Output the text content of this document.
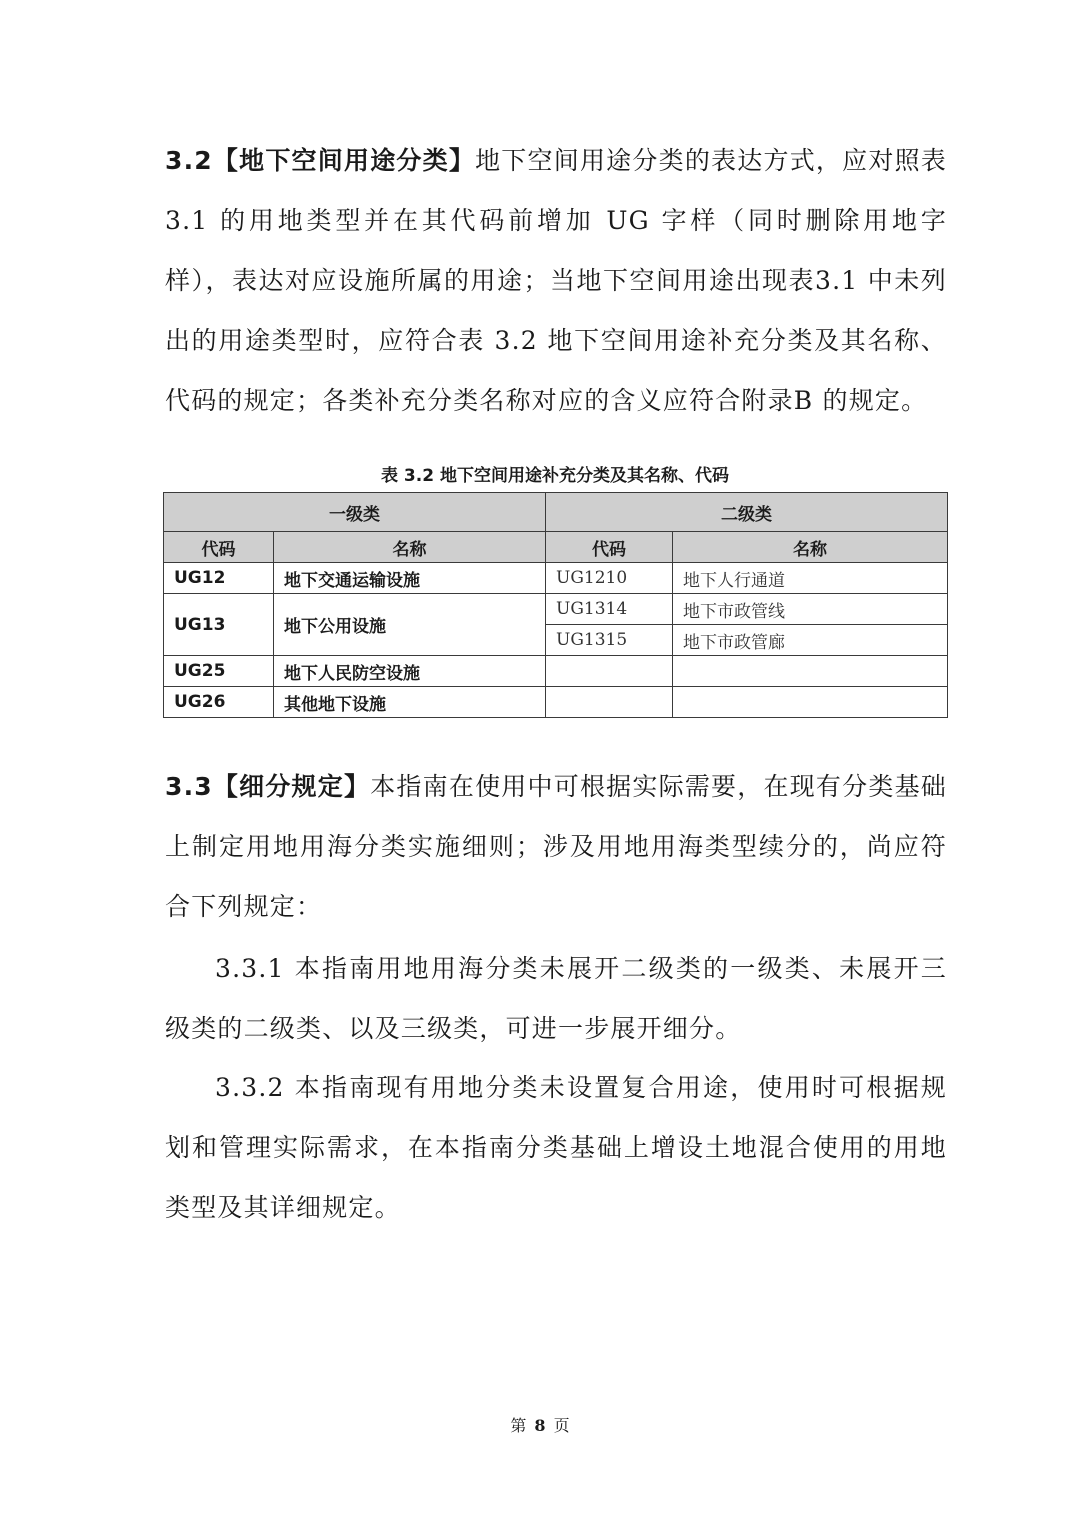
3.2【地下空间用途分类】地下空间用途分类的表达方式，应对照表 3.1 的用地类型并在其代码前增加 UG 字样（同时删除用地字样），表达对应设施所属的用途；当地下空间用途出现表3.1 中未列出的用途类型时，应符合表 3.2 地下空间用途补充分类及其名称、代码的规定；各类补充分类名称对应的含义应符合附录B 的规定。

表 3.2 地下空间用途补充分类及其名称、代码

一级类		二级类	
代码	名称	代码	名称
UG12	地下交通运输设施	UG1210	地下人行通道
UG13	地下公用设施	UG1314	地下市政管线
		UG1315	地下市政管廊
UG25	地下人民防空设施		
UG26	其他地下设施		

3.3【细分规定】本指南在使用中可根据实际需要，在现有分类基础上制定用地用海分类实施细则；涉及用地用海类型续分的，尚应符合下列规定：

3.3.1 本指南用地用海分类未展开二级类的一级类、未展开三级类的二级类、以及三级类，可进一步展开细分。

3.3.2 本指南现有用地分类未设置复合用途，使用时可根据规划和管理实际需求，在本指南分类基础上增设土地混合使用的用地类型及其详细规定。

第 8 页
